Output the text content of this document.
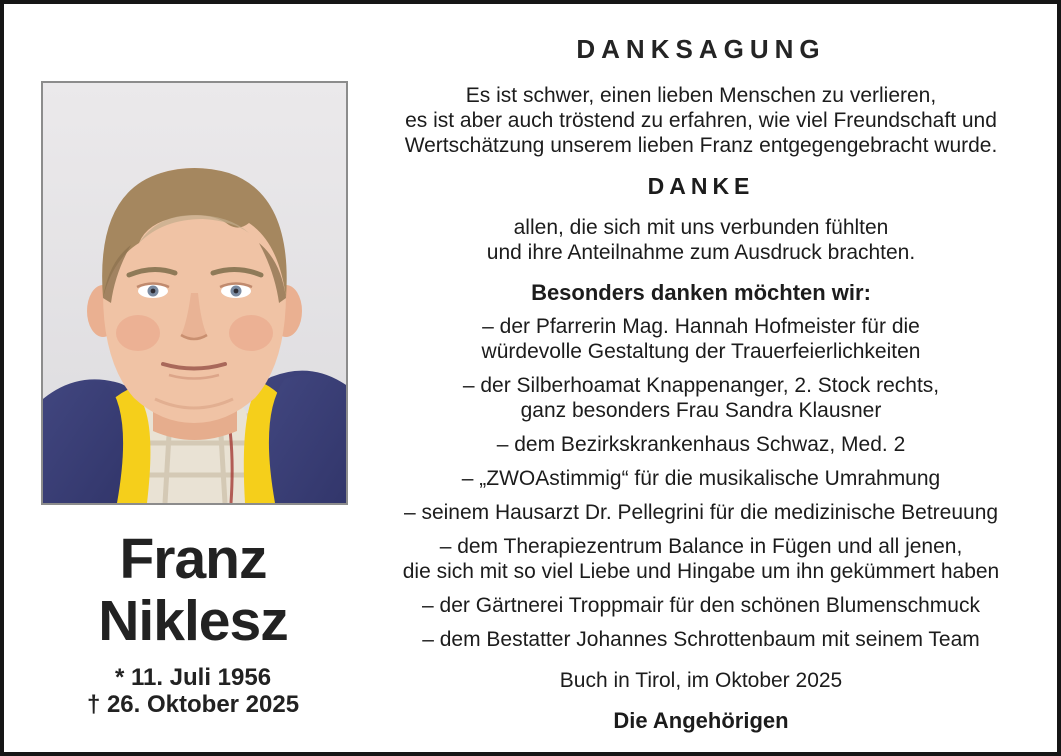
Franz
Niklesz
* 11. Juli 1956
† 26. Oktober 2025
DANKSAGUNG
Es ist schwer, einen lieben Menschen zu verlieren,
es ist aber auch tröstend zu erfahren, wie viel Freundschaft und
Wertschätzung unserem lieben Franz entgegengebracht wurde.
DANKE
allen, die sich mit uns verbunden fühlten
und ihre Anteilnahme zum Ausdruck brachten.
Besonders danken möchten wir:
– der Pfarrerin Mag. Hannah Hofmeister für die
würdevolle Gestaltung der Trauerfeierlichkeiten
– der Silberhoamat Knappenanger, 2. Stock rechts,
ganz besonders Frau Sandra Klausner
– dem Bezirkskrankenhaus Schwaz, Med. 2
– „ZWOAstimmig“ für die musikalische Umrahmung
– seinem Hausarzt Dr. Pellegrini für die medizinische Betreuung
– dem Therapiezentrum Balance in Fügen und all jenen,
die sich mit so viel Liebe und Hingabe um ihn gekümmert haben
– der Gärtnerei Troppmair für den schönen Blumenschmuck
– dem Bestatter Johannes Schrottenbaum mit seinem Team
Buch in Tirol, im Oktober 2025
Die Angehörigen
